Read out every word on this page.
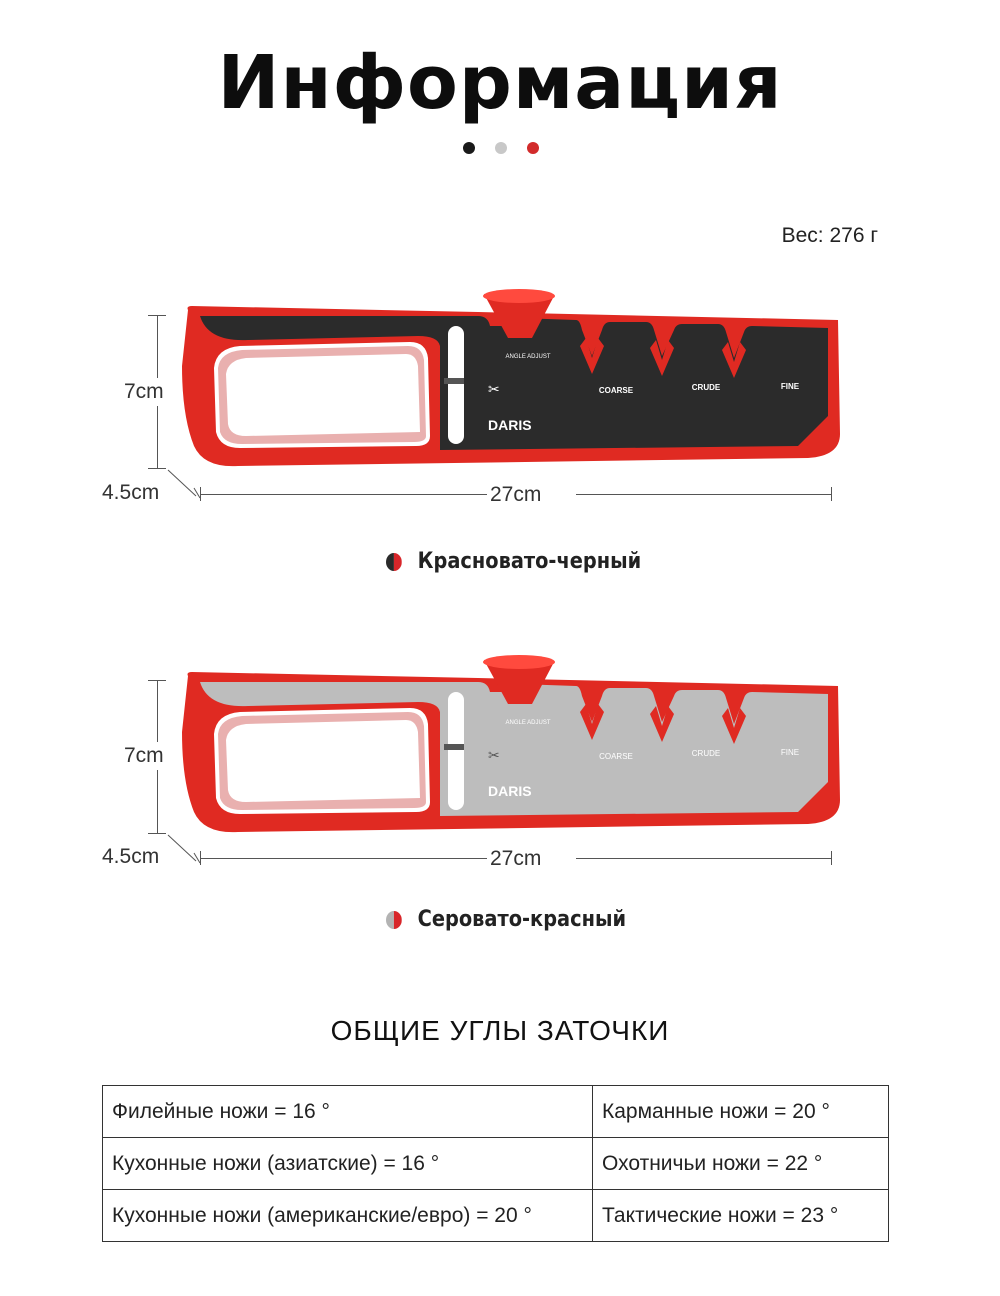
Информация
Вес: 276 г
7cm
4.5cm	27cm
ANGLE ADJUST
COARSE	CRUDE	FINE
DARIS
✂
Красновато-черный
7cm
4.5cm	27cm
ANGLE ADJUST
COARSE	CRUDE	FINE
DARIS
✂
Серовато-красный
ОБЩИЕ УГЛЫ ЗАТОЧКИ
Филейные ножи = 16 °	Карманные ножи = 20 °
Кухонные ножи (азиатские) = 16 °	Охотничьи ножи = 22 °
Кухонные ножи (американские/евро) = 20 °	Тактические ножи = 23 °
